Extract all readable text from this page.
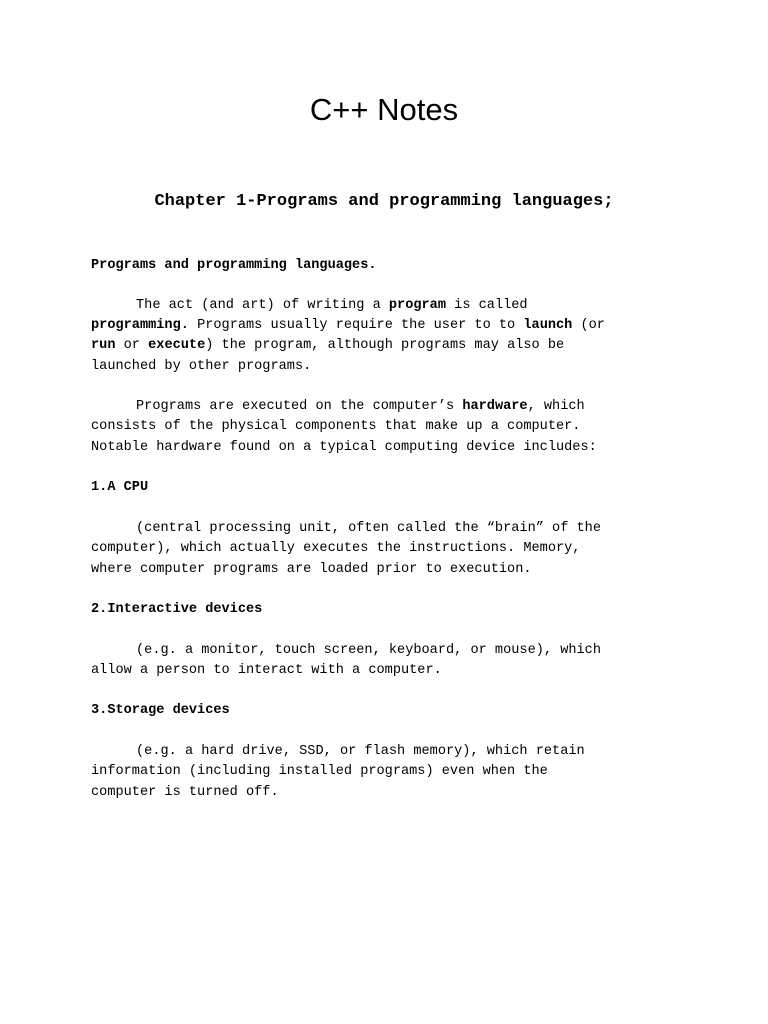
C++ Notes
Chapter 1-Programs and programming languages;
Programs and programming languages.
The act (and art) of writing a program is called
programming. Programs usually require the user to to launch (or
run or execute) the program, although programs may also be
launched by other programs.
Programs are executed on the computer’s hardware, which
consists of the physical components that make up a computer.
Notable hardware found on a typical computing device includes:
1.A CPU
(central processing unit, often called the “brain” of the
computer), which actually executes the instructions. Memory,
where computer programs are loaded prior to execution.
2.Interactive devices
(e.g. a monitor, touch screen, keyboard, or mouse), which
allow a person to interact with a computer.
3.Storage devices
(e.g. a hard drive, SSD, or flash memory), which retain
information (including installed programs) even when the
computer is turned off.
